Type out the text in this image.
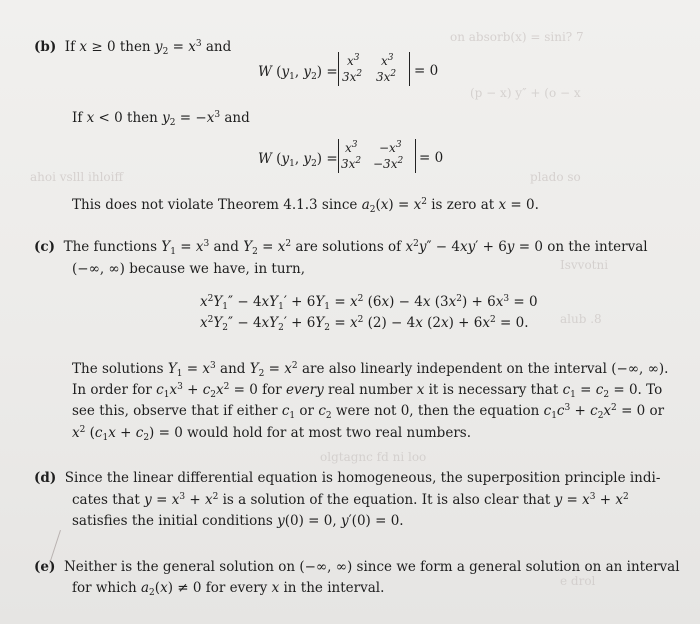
on absorb(x) = sini? 7
(p − x) y″ + (o − x
ahoi vslll ihloiff	plado so
Isvvotni
alub .8
olgtagnc fd ni loo
e drol
(b)  If x ≥ 0 then $y_2 = x^3$ and
W ($y_1$, $y_2$) =
$x^3$ $x^3$
$3x^2$ $3x^2 = 0$
If x < 0 then $y_2 = -x^3$ and
W ($y_1$, $y_2$) =
$x^3 -x^3$
$3x^2 -3x^2 = 0$
This does not violate Theorem 4.1.3 since $a_2(x) = x^2$ is zero at x = 0.
(c)  The functions $Y_1 = x^3$ and $Y_2 = x^2$ are solutions of $x^2y'' - 4xy' + 6y = 0$ on the interval
(−∞, ∞) because we have, in turn,
$x^2Y_1'' - 4xY_1' + 6Y_1 = x^2$ (6x) − 4x $(3x^2) + 6x^3 = 0$
$x^2Y_2'' - 4xY_2' + 6Y_2 = x^2$ (2) − 4x $(2x) + 6x^2 = 0$.
The solutions $Y_1 = x^3$ and $Y_2 = x^2$ are also linearly independent on the interval (−∞, ∞).
In order for $c_1x^3 + c_2x^2 = 0$ for every real number x it is necessary that $c_1 = c_2 = 0$. To
see this, observe that if either $c_1$ or $c_2$ were not 0, then the equation $c_1c^3 + c_2x^2 = 0$ or
$x^2$ $(c_1x + c_2) = 0$ would hold for at most two real numbers.
(d)  Since the linear differential equation is homogeneous, the superposition principle indi-
cates that $y = x^3 + x^2$ is a solution of the equation. It is also clear that $y = x^3 + x^2$
satisfies the initial conditions y(0) = 0, y′(0) = 0.
(e)  Neither is the general solution on (−∞, ∞) since we form a general solution on an interval
for which $a_2(x) \ne 0$ for every x in the interval.
